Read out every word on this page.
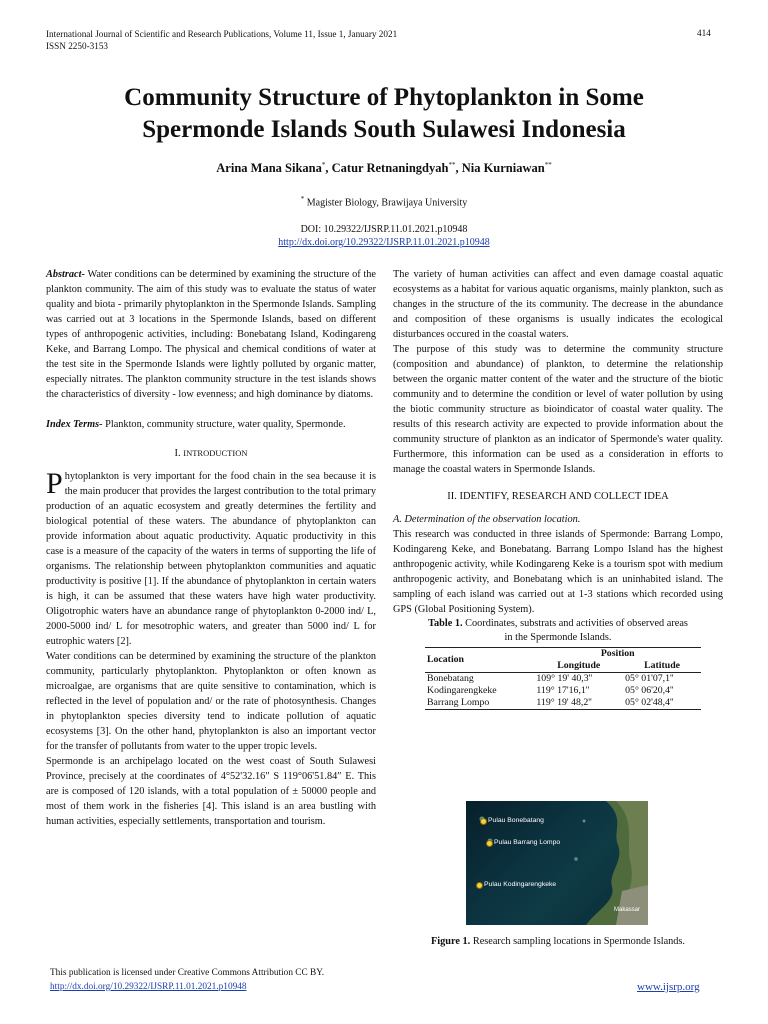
International Journal of Scientific and Research Publications, Volume 11, Issue 1, January 2021
ISSN 2250-3153
414
Community Structure of Phytoplankton in Some
Spermonde Islands South Sulawesi Indonesia
Arina Mana Sikana*, Catur Retnaningdyah**, Nia Kurniawan**
* Magister Biology, Brawijaya University
DOI: 10.29322/IJSRP.11.01.2021.p10948
http://dx.doi.org/10.29322/IJSRP.11.01.2021.p10948

Abstract- Water conditions can be determined by examining the structure of the plankton community. The aim of this study was to evaluate the status of water quality and biota - primarily phytoplankton in the Spermonde Islands. Sampling was carried out at 3 locations in the Spermonde Islands, based on different types of anthropogenic activities, including: Bonebatang Island, Kodingareng Keke, and Barrang Lompo. The physical and chemical conditions of water at the test site in the Spermonde Islands were lightly polluted by organic matter, especially nitrates. The plankton community structure in the test islands shows the characteristics of diversity - low evenness; and high dominance by diatoms.

Index Terms- Plankton, community structure, water quality, Spermonde.

I. INTRODUCTION

Phytoplankton is very important for the food chain in the sea because it is the main producer that provides the largest contribution to the total primary production of an aquatic ecosystem and greatly determines the fertility and biological potential of these waters. The abundance of phytoplankton can provide information about aquatic productivity. Aquatic productivity in this case is a measure of the capacity of the waters in terms of supporting the life of organisms. The relationship between phytoplankton communities and aquatic productivity is positive [1]. If the abundance of phytoplankton in certain waters is high, it can be assumed that these waters have high water productivity. Oligotrophic waters have an abundance range of phytoplankton 0-2000 ind/ L, 2000-5000 ind/ L for mesotrophic waters, and greater than 5000 ind/ L for eutrophic waters [2].

Water conditions can be determined by examining the structure of the plankton community, particularly phytoplankton. Phytoplankton or often known as microalgae, are organisms that are quite sensitive to contamination, which is reflected in the level of population and/ or the rate of photosynthesis. Changes in phytoplankton species diversity tend to indicate pollution of aquatic ecosystems [3]. On the other hand, phytoplankton is also an important vector for the transfer of pollutants from water to the upper tropic levels.

Spermonde is an archipelago located on the west coast of South Sulawesi Province, precisely at the coordinates of 4°52'32.16″ S 119°06'51.84″ E. This are is composed of 120 islands, with a total population of ± 50000 people and most of them work in the fisheries [4]. This island is an area bustling with human activities, especially settlements, transportation and tourism.

The variety of human activities can affect and even damage coastal aquatic ecosystems as a habitat for various aquatic organisms, mainly plankton, such as changes in the structure of the its community. The decrease in the abundance and composition of these organisms is usually indicates the ecological disturbances occured in the coastal waters.

The purpose of this study was to determine the community structure (composition and abundance) of plankton, to determine the relationship between the organic matter content of the water and the structure of the biotic community and to determine the condition or level of water pollution by using the biotic community structure as bioindicator of coastal water quality. The results of this research activity are expected to provide information about the community structure of plankton as an indicator of Spermonde's water quality. Furthermore, this information can be used as a consideration in efforts to manage the coastal waters in Spermonde Islands.

II. IDENTIFY, RESEARCH AND COLLECT IDEA

A. Determination of the observation location.

This research was conducted in three islands of Spermonde: Barrang Lompo, Kodingareng Keke, and Bonebatang. Barrang Lompo Island has the highest anthropogenic activity, while Kodingareng Keke is a tourism spot with medium anthropogenic activity, and Bonebatang which is an uninhabited island. The sampling of each island was carried out at 1-3 stations which recorded using GPS (Global Positioning System).

Table 1. Coordinates, substrats and activities of observed areas
in the Spermonde Islands.
Location	Position	
	Longitude	Latitude
Bonebatang	109° 19' 40,3''	05° 01'07,1''
Kodingarengkeke	119° 17'16,1''	05° 06'20,4''
Barrang Lompo	119° 19' 48,2''	05° 02'48,4''
Pulau Bonebatang
Pulau Barrang Lompo
Pulau Kodingarengkeke
Makassar
Figure 1. Research sampling locations in Spermonde Islands.
This publication is licensed under Creative Commons Attribution CC BY.
http://dx.doi.org/10.29322/IJSRP.11.01.2021.p10948	www.ijsrp.org
